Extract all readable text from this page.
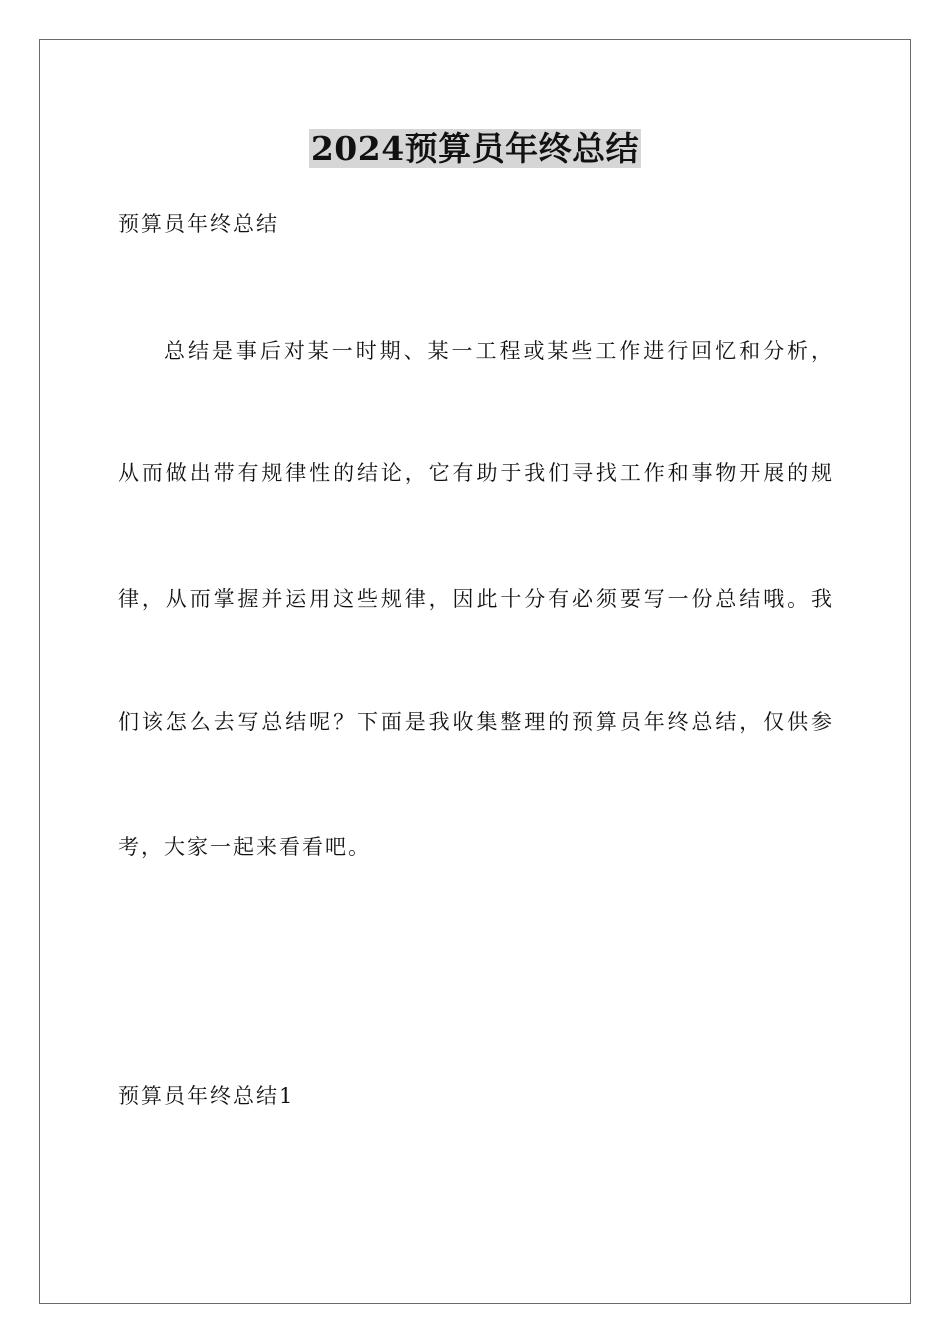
2024预算员年终总结
预算员年终总结
总结是事后对某一时期、某一工程或某些工作进行回忆和分析，
从而做出带有规律性的结论，它有助于我们寻找工作和事物开展的规
律，从而掌握并运用这些规律，因此十分有必须要写一份总结哦。我
们该怎么去写总结呢？下面是我收集整理的预算员年终总结，仅供参
考，大家一起来看看吧。
预算员年终总结1
